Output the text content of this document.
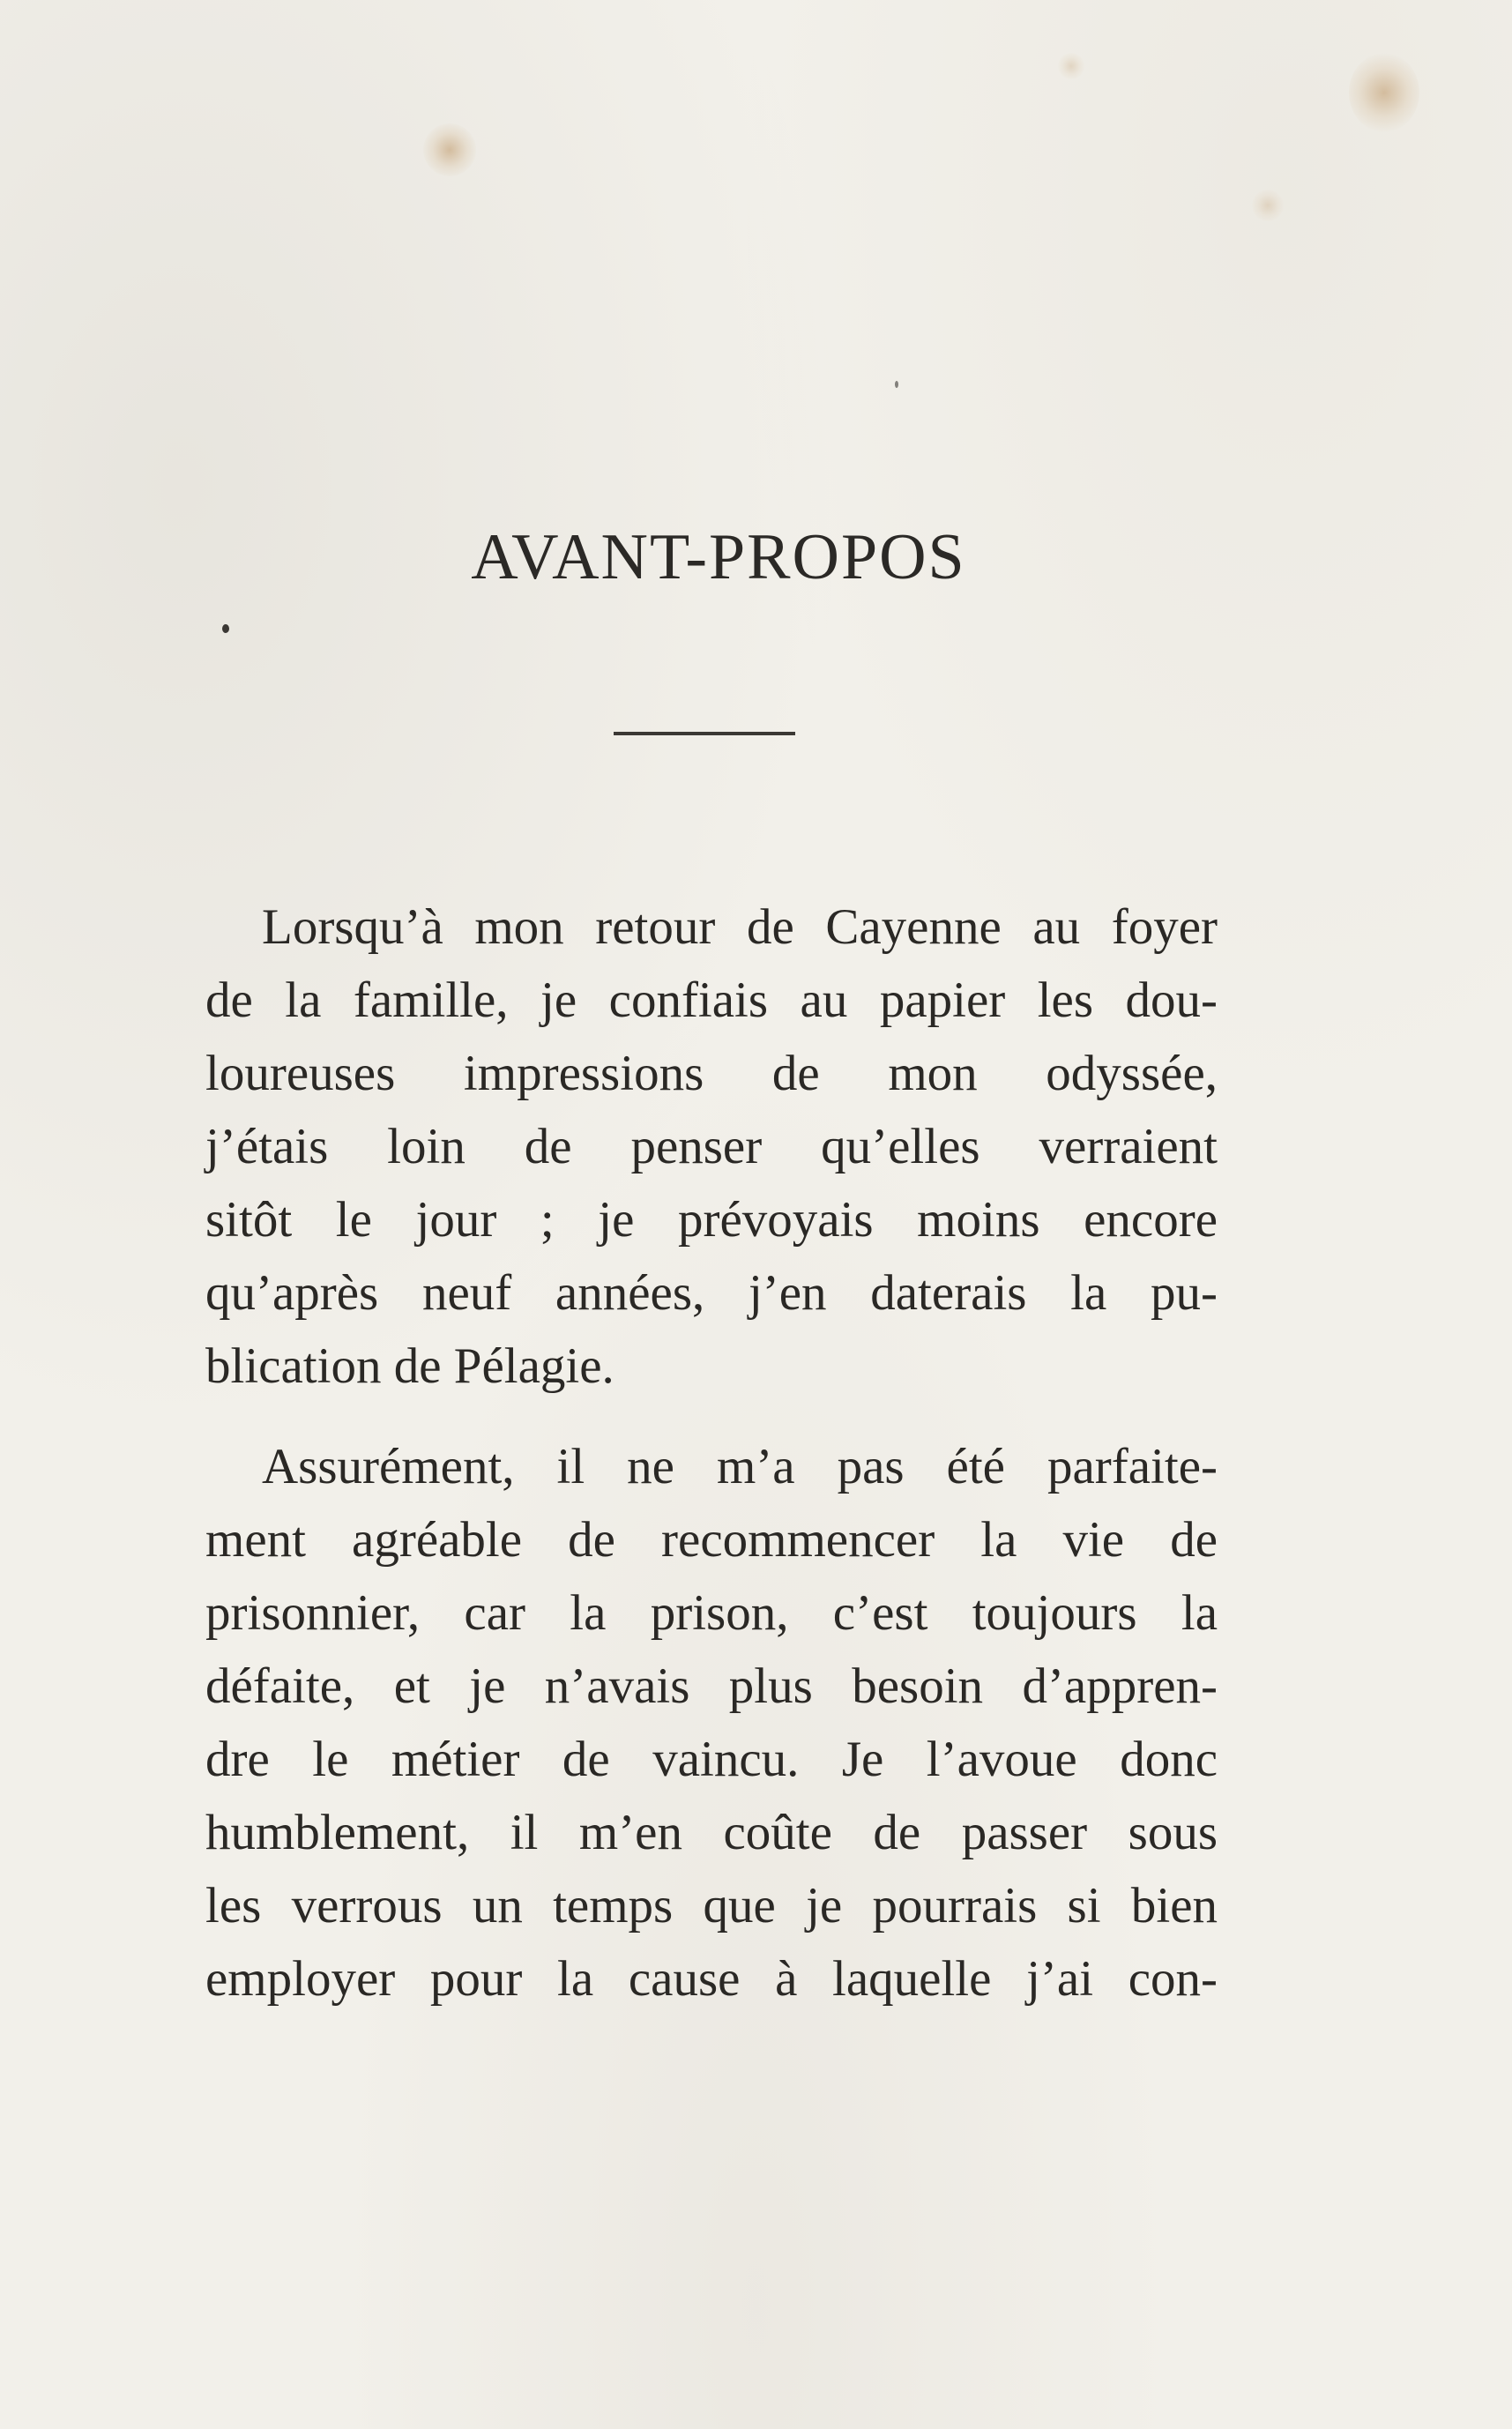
AVANT-PROPOS

Lorsqu’à mon retour de Cayenne au foyer
de la famille, je confiais au papier les dou-
loureuses impressions de mon odyssée,
j’étais loin de penser qu’elles verraient
sitôt le jour ; je prévoyais moins encore
qu’après neuf années, j’en daterais la pu-
blication de Pélagie.

Assurément, il ne m’a pas été parfaite-
ment agréable de recommencer la vie de
prisonnier, car la prison, c’est toujours la
défaite, et je n’avais plus besoin d’appren-
dre le métier de vaincu. Je l’avoue donc
humblement, il m’en coûte de passer sous
les verrous un temps que je pourrais si bien
employer pour la cause à laquelle j’ai con-
